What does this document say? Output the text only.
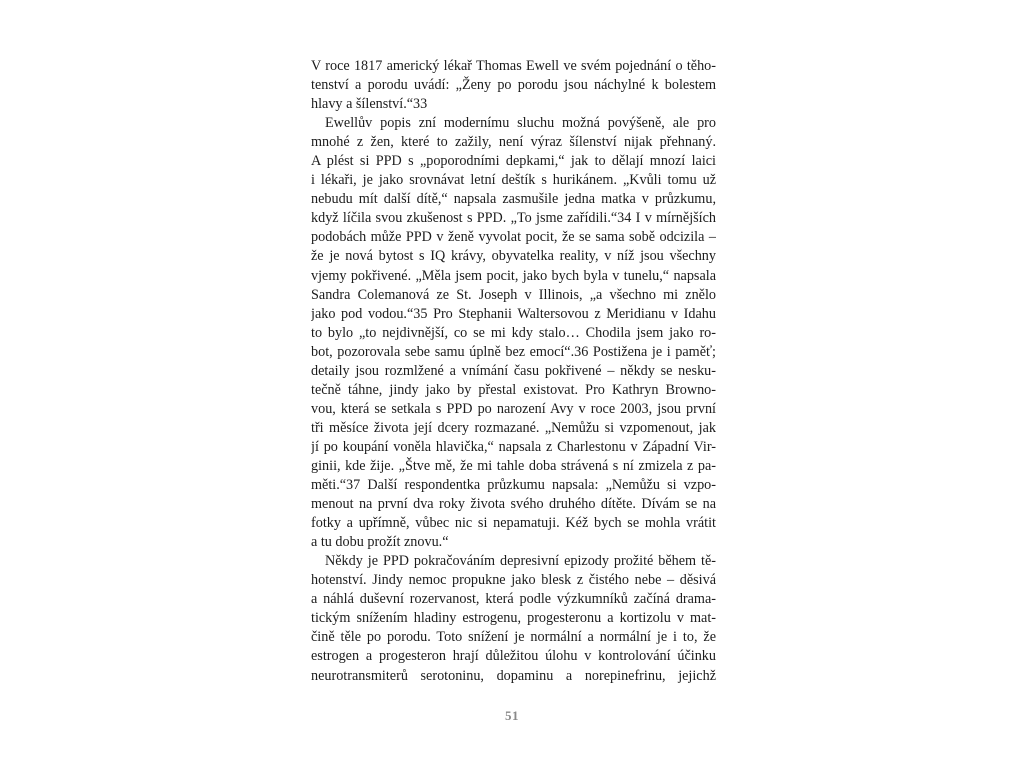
V roce 1817 americký lékař Thomas Ewell ve svém pojednání o těho-
tenství a porodu uvádí: „Ženy po porodu jsou náchylné k bolestem
hlavy a šílenství.“33
Ewellův popis zní modernímu sluchu možná povýšeně, ale pro
mnohé z žen, které to zažily, není výraz šílenství nijak přehnaný.
A plést si PPD s „poporodními depkami,“ jak to dělají mnozí laici
i lékaři, je jako srovnávat letní deštík s hurikánem. „Kvůli tomu už
nebudu mít další dítě,“ napsala zasmušile jedna matka v průzkumu,
když líčila svou zkušenost s PPD. „To jsme zařídili.“34 I v mírnějších
podobách může PPD v ženě vyvolat pocit, že se sama sobě odcizila –
že je nová bytost s IQ krávy, obyvatelka reality, v níž jsou všechny
vjemy pokřivené. „Měla jsem pocit, jako bych byla v tunelu,“ napsala
Sandra Colemanová ze St. Joseph v Illinois, „a všechno mi znělo
jako pod vodou.“35 Pro Stephanii Waltersovou z Meridianu v Idahu
to bylo „to nejdivnější, co se mi kdy stalo… Chodila jsem jako ro-
bot, pozorovala sebe samu úplně bez emocí“.36 Postižena je i paměť;
detaily jsou rozmlžené a vnímání času pokřivené – někdy se nesku-
tečně táhne, jindy jako by přestal existovat. Pro Kathryn Browno-
vou, která se setkala s PPD po narození Avy v roce 2003, jsou první
tři měsíce života její dcery rozmazané. „Nemůžu si vzpomenout, jak
jí po koupání voněla hlavička,“ napsala z Charlestonu v Západní Vir-
ginii, kde žije. „Štve mě, že mi tahle doba strávená s ní zmizela z pa-
měti.“37 Další respondentka průzkumu napsala: „Nemůžu si vzpo-
menout na první dva roky života svého druhého dítěte. Dívám se na
fotky a upřímně, vůbec nic si nepamatuji. Kéž bych se mohla vrátit
a tu dobu prožít znovu.“
Někdy je PPD pokračováním depresivní epizody prožité během tě-
hotenství. Jindy nemoc propukne jako blesk z čistého nebe – děsivá
a náhlá duševní rozervanost, která podle výzkumníků začíná drama-
tickým snížením hladiny estrogenu, progesteronu a kortizolu v mat-
čině těle po porodu. Toto snížení je normální a normální je i to, že
estrogen a progesteron hrají důležitou úlohu v kontrolování účinku
neurotransmiterů serotoninu, dopaminu a norepinefrinu, jejichž
51
